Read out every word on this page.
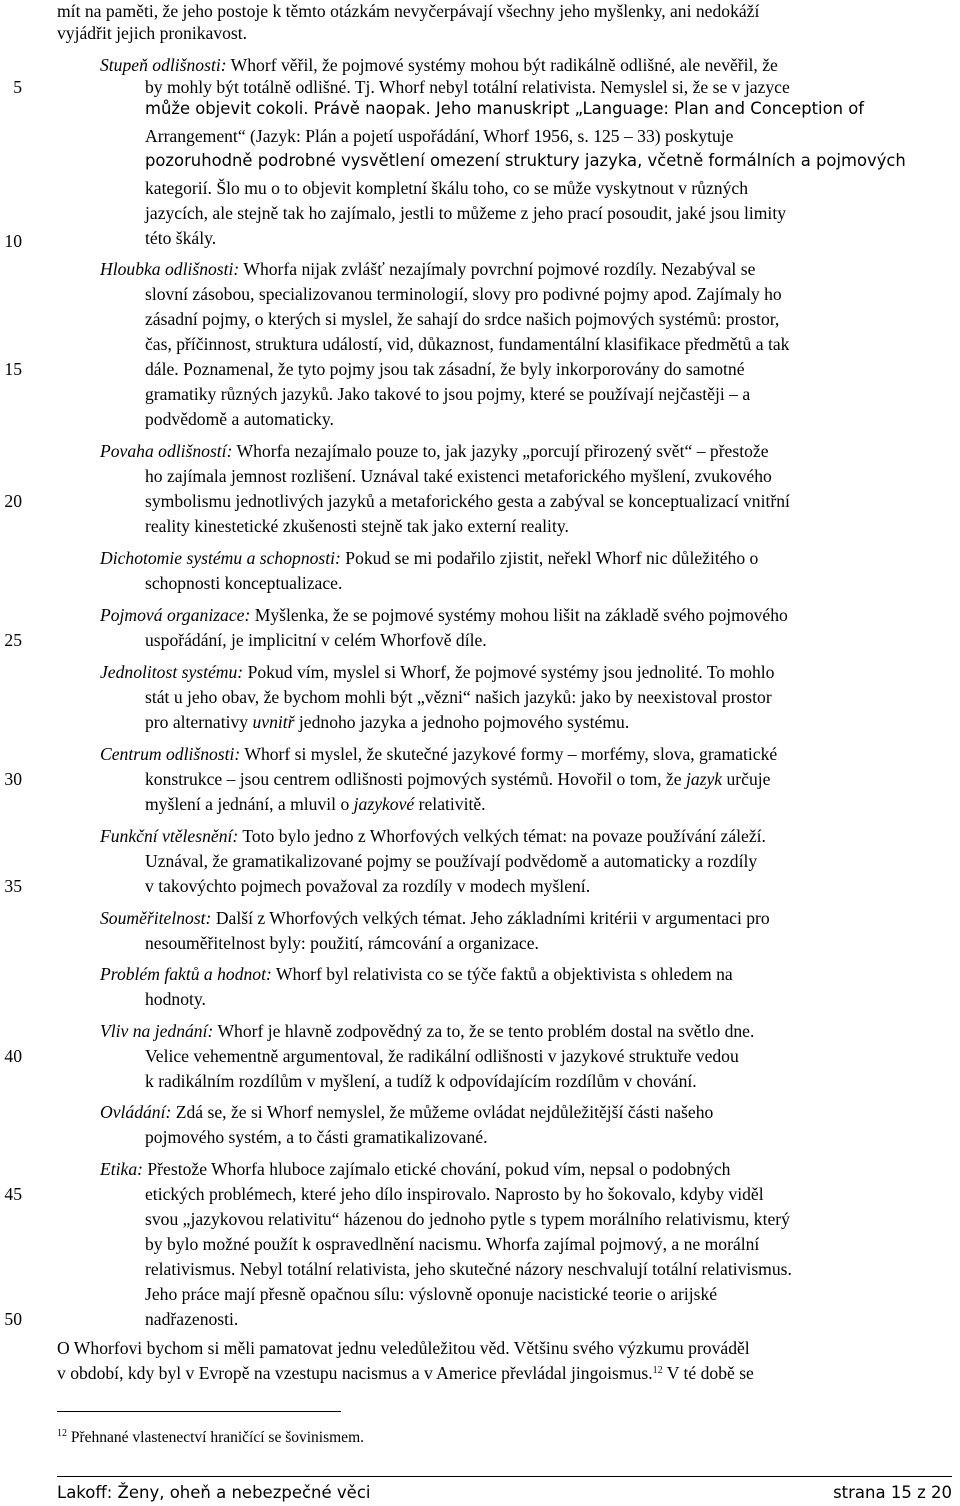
mít na paměti, že jeho postoje k těmto otázkám nevyčerpávají všechny jeho myšlenky, ani nedokáží
vyjádřit jejich pronikavost.
Stupeň odlišnosti: Whorf věřil, že pojmové systémy mohou být radikálně odlišné, ale nevěřil, že
by mohly být totálně odlišné. Tj. Whorf nebyl totální relativista. Nemyslel si, že se v jazyce
může objevit cokoli. Právě naopak. Jeho manuskript „Language: Plan and Conception of
Arrangement“ (Jazyk: Plán a pojetí uspořádání, Whorf 1956, s. 125 – 33) poskytuje
pozoruhodně podrobné vysvětlení omezení struktury jazyka, včetně formálních a pojmových
kategorií. Šlo mu o to objevit kompletní škálu toho, co se může vyskytnout v různých
jazycích, ale stejně tak ho zajímalo, jestli to můžeme z jeho prací posoudit, jaké jsou limity
této škály.
Hloubka odlišnosti: Whorfa nijak zvlášť nezajímaly povrchní pojmové rozdíly. Nezabýval se
slovní zásobou, specializovanou terminologií, slovy pro podivné pojmy apod. Zajímaly ho
zásadní pojmy, o kterých si myslel, že sahají do srdce našich pojmových systémů: prostor,
čas, příčinnost, struktura událostí, vid, důkaznost, fundamentální klasifikace předmětů a tak
dále. Poznamenal, že tyto pojmy jsou tak zásadní, že byly inkorporovány do samotné
gramatiky různých jazyků. Jako takové to jsou pojmy, které se používají nejčastěji – a
podvědomě a automaticky.
Povaha odlišností: Whorfa nezajímalo pouze to, jak jazyky „porcují přirozený svět“ – přestože
ho zajímala jemnost rozlišení. Uznával také existenci metaforického myšlení, zvukového
symbolismu jednotlivých jazyků a metaforického gesta a zabýval se konceptualizací vnitřní
reality kinestetické zkušenosti stejně tak jako externí reality.
Dichotomie systému a schopnosti: Pokud se mi podařilo zjistit, neřekl Whorf nic důležitého o
schopnosti konceptualizace.
Pojmová organizace: Myšlenka, že se pojmové systémy mohou lišit na základě svého pojmového
uspořádání, je implicitní v celém Whorfově díle.
Jednolitost systému: Pokud vím, myslel si Whorf, že pojmové systémy jsou jednolité. To mohlo
stát u jeho obav, že bychom mohli být „vězni“ našich jazyků: jako by neexistoval prostor
pro alternativy uvnitř jednoho jazyka a jednoho pojmového systému.
Centrum odlišnosti: Whorf si myslel, že skutečné jazykové formy – morfémy, slova, gramatické
konstrukce – jsou centrem odlišnosti pojmových systémů. Hovořil o tom, že jazyk určuje
myšlení a jednání, a mluvil o jazykové relativitě.
Funkční vtělesnění: Toto bylo jedno z Whorfových velkých témat: na povaze používání záleží.
Uznával, že gramatikalizované pojmy se používají podvědomě a automaticky a rozdíly
v takovýchto pojmech považoval za rozdíly v modech myšlení.
Souměřitelnost: Další z Whorfových velkých témat. Jeho základními kritérii v argumentaci pro
nesouměřitelnost byly: použití, rámcování a organizace.
Problém faktů a hodnot: Whorf byl relativista co se týče faktů a objektivista s ohledem na
hodnoty.
Vliv na jednání: Whorf je hlavně zodpovědný za to, že se tento problém dostal na světlo dne.
Velice vehementně argumentoval, že radikální odlišnosti v jazykové struktuře vedou
k radikálním rozdílům v myšlení, a tudíž k odpovídajícím rozdílům v chování.
Ovládání: Zdá se, že si Whorf nemyslel, že můžeme ovládat nejdůležitější části našeho
pojmového systém, a to části gramatikalizované.
Etika: Přestože Whorfa hluboce zajímalo etické chování, pokud vím, nepsal o podobných
etických problémech, které jeho dílo inspirovalo. Naprosto by ho šokovalo, kdyby viděl
svou „jazykovou relativitu“ házenou do jednoho pytle s typem morálního relativismu, který
by bylo možné použít k ospravedlnění nacismu. Whorfa zajímal pojmový, a ne morální
relativismus. Nebyl totální relativista, jeho skutečné názory neschvalují totální relativismus.
Jeho práce mají přesně opačnou sílu: výslovně oponuje nacistické teorie o arijské
nadřazenosti.
O Whorfovi bychom si měli pamatovat jednu veledůležitou věd. Většinu svého výzkumu prováděl
v období, kdy byl v Evropě na vzestupu nacismus a v Americe převládal jingoismus.$^{12}$ V té době se
5
10
15
20
25
30
35
40
45
50
$^{12}$ Přehnané vlastenectví hraničící se šovinismem.
Lakoff: Ženy, oheň a nebezpečné věci	strana 15 z 20
